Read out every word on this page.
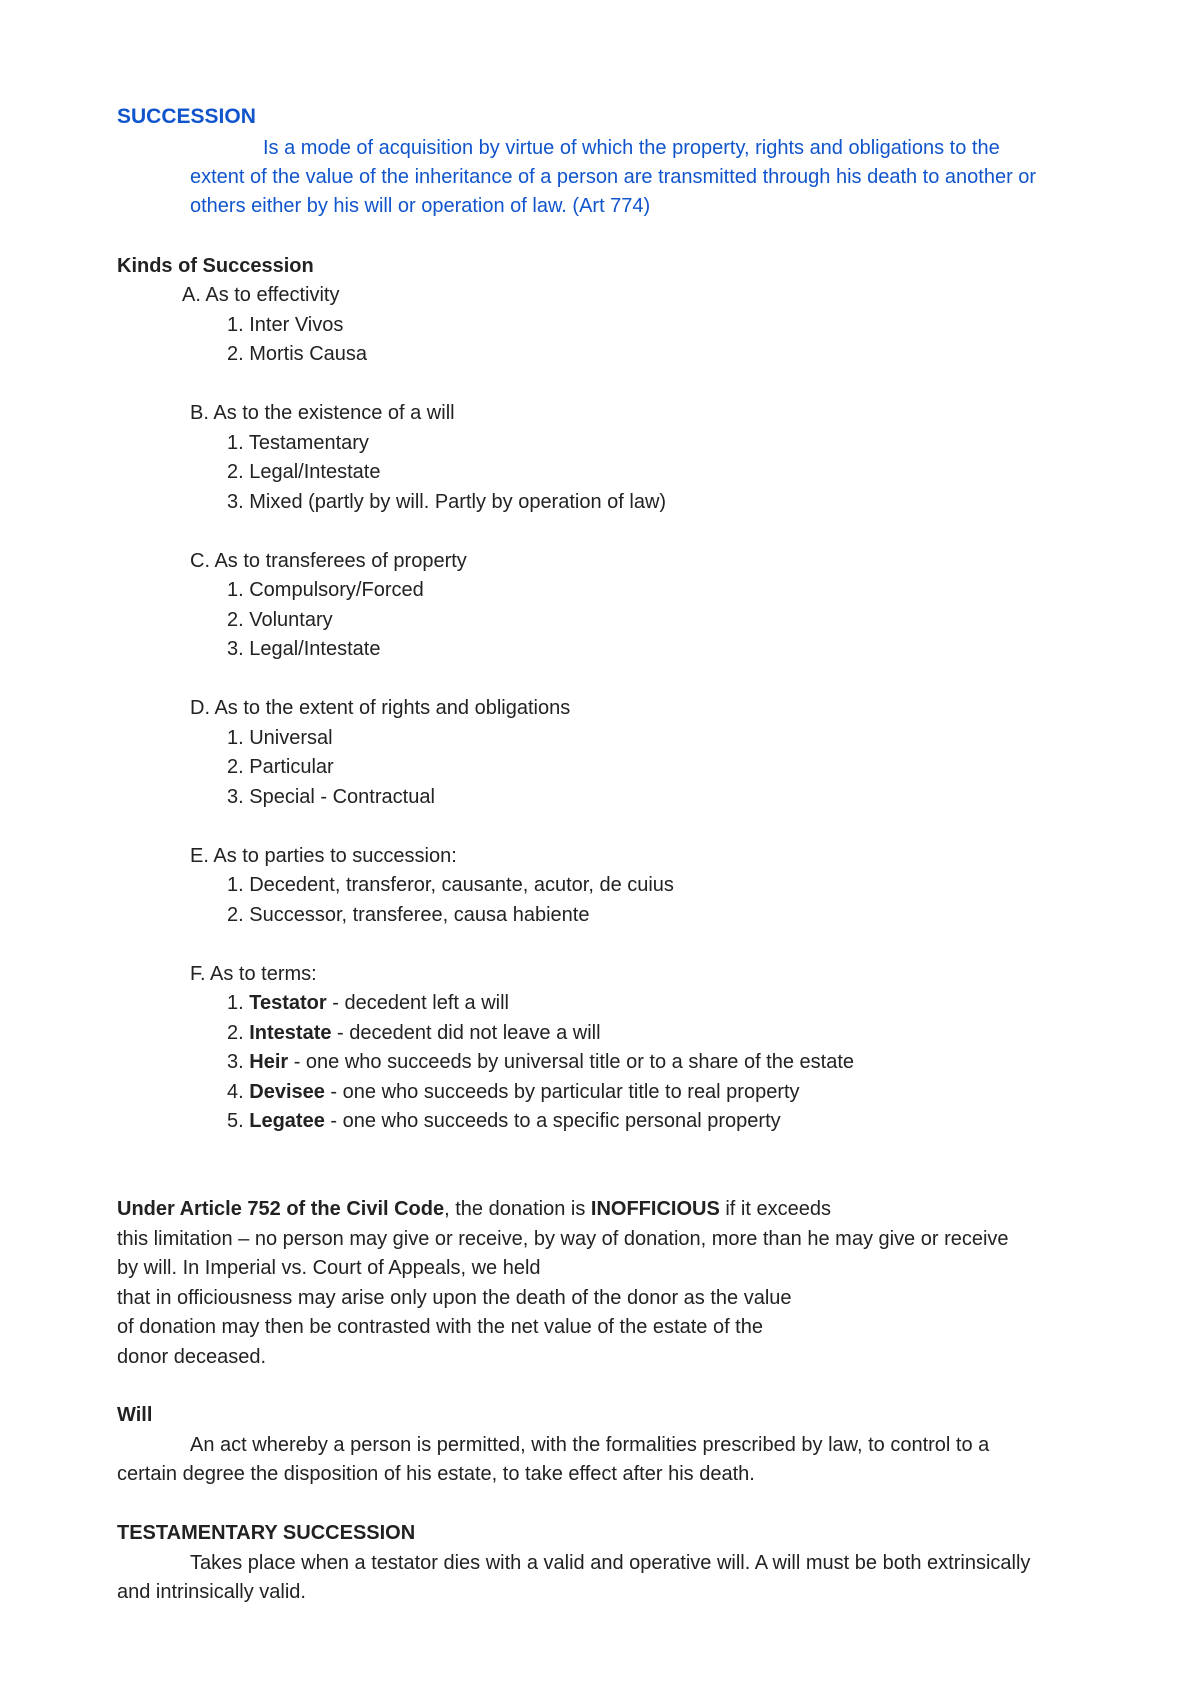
SUCCESSION
Is a mode of acquisition by virtue of which the property, rights and obligations to the
extent of the value of the inheritance of a person are transmitted through his death to another or
others either by his will or operation of law. (Art 774)
Kinds of Succession
A. As to effectivity
1. Inter Vivos
2. Mortis Causa
B. As to the existence of a will
1. Testamentary
2. Legal/Intestate
3. Mixed (partly by will. Partly by operation of law)
C. As to transferees of property
1. Compulsory/Forced
2. Voluntary
3. Legal/Intestate
D. As to the extent of rights and obligations
1. Universal
2. Particular
3. Special - Contractual
E. As to parties to succession:
1. Decedent, transferor, causante, acutor, de cuius
2. Successor, transferee, causa habiente
F. As to terms:
1. Testator - decedent left a will
2. Intestate - decedent did not leave a will
3. Heir - one who succeeds by universal title or to a share of the estate
4. Devisee - one who succeeds by particular title to real property
5. Legatee - one who succeeds to a specific personal property
Under Article 752 of the Civil Code, the donation is INOFFICIOUS if it exceeds
this limitation – no person may give or receive, by way of donation, more than he may give or receive
by will. In Imperial vs. Court of Appeals, we held
that in officiousness may arise only upon the death of the donor as the value
of donation may then be contrasted with the net value of the estate of the
donor deceased.
Will
An act whereby a person is permitted, with the formalities prescribed by law, to control to a
certain degree the disposition of his estate, to take effect after his death.
TESTAMENTARY SUCCESSION
Takes place when a testator dies with a valid and operative will. A will must be both extrinsically
and intrinsically valid.
